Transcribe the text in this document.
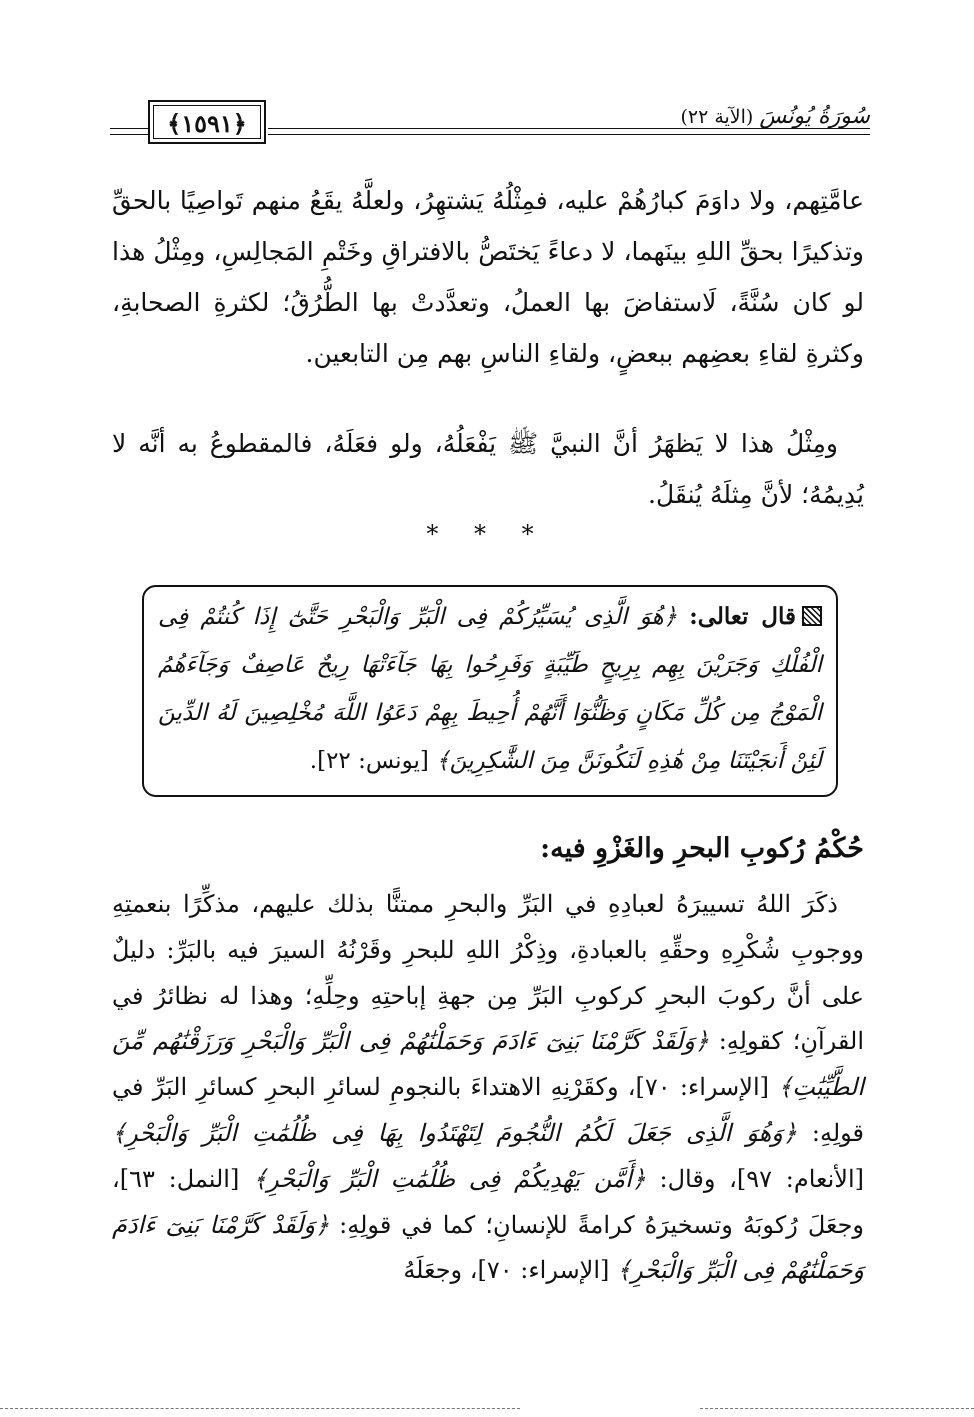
﴿١٥٩١﴾	سُورَةُ يُونُسَ (الآية ٢٢)
عامَّتِهم، ولا داوَمَ كبارُهُمْ عليه، فمِثْلُهُ يَشتهِرُ، ولعلَّهُ يقَعُ منهم تَواصِيًا بالحقِّ وتذكيرًا بحقِّ اللهِ بينَهما، لا دعاءً يَختَصُّ بالافتراقِ وخَتْمِ المَجالِسِ، ومِثْلُ هذا لو كان سُنَّةً، لَاستفاضَ بها العملُ، وتعدَّدتْ بها الطُّرُقُ؛ لكثرةِ الصحابةِ، وكثرةِ لقاءِ بعضِهم ببعضٍ، ولقاءِ الناسِ بهم مِن التابعين.
ومِثْلُ هذا لا يَظهَرُ أنَّ النبيَّ ﷺ يَفْعَلُهُ، ولو فعَلَهُ، فالمقطوعُ به أنَّه لا يُدِيمُهُ؛ لأنَّ مِثلَهُ يُنقَلُ.
* * *
قال تعالى: ﴿هُوَ الَّذِى يُسَيِّرُكُمْ فِى الْبَرِّ وَالْبَحْرِ حَتَّىٰٓ إِذَا كُنتُمْ فِى الْفُلْكِ وَجَرَيْنَ بِهِم بِرِيحٍ طَيِّبَةٍ وَفَرِحُوا بِهَا جَآءَتْهَا رِيحٌ عَاصِفٌ وَجَآءَهُمُ الْمَوْجُ مِن كُلِّ مَكَانٍ وَظَنُّوٓا أَنَّهُمْ أُحِيطَ بِهِمْ دَعَوُا اللَّهَ مُخْلِصِينَ لَهُ الدِّينَ لَئِنْ أَنجَيْتَنَا مِنْ هَٰذِهِ لَنَكُونَنَّ مِنَ الشَّٰكِرِينَ﴾ [يونس: ٢٢].
حُكْمُ رُكوبِ البحرِ والغَزْوِ فيه:
ذكَرَ اللهُ تسييرَهُ لعبادِهِ في البَرِّ والبحرِ ممتنًّا بذلك عليهم، مذكِّرًا بنعمتِهِ ووجوبِ شُكْرِهِ وحقِّهِ بالعبادةِ، وذِكْرُ اللهِ للبحرِ وقَرْنُهُ السيرَ فيه بالبَرِّ: دليلٌ على أنَّ ركوبَ البحرِ كركوبِ البَرِّ مِن جهةِ إباحتِهِ وحِلِّهِ؛ وهذا له نظائرُ في القرآنِ؛ كقولِهِ: ﴿وَلَقَدْ كَرَّمْنَا بَنِىٓ ءَادَمَ وَحَمَلْنَٰهُمْ فِى الْبَرِّ وَالْبَحْرِ وَرَزَقْنَٰهُم مِّنَ الطَّيِّبَٰتِ﴾ [الإسراء: ٧٠]، وكقَرْنِهِ الاهتداءَ بالنجومِ لسائرِ البحرِ كسائرِ البَرِّ في قولِهِ: ﴿وَهُوَ الَّذِى جَعَلَ لَكُمُ النُّجُومَ لِتَهْتَدُوا بِهَا فِى ظُلُمَٰتِ الْبَرِّ وَالْبَحْرِ﴾ [الأنعام: ٩٧]، وقال: ﴿أَمَّن يَهْدِيكُمْ فِى ظُلُمَٰتِ الْبَرِّ وَالْبَحْرِ﴾ [النمل: ٦٣]، وجعَلَ رُكوبَهُ وتسخيرَهُ كرامةً للإنسانِ؛ كما في قولِهِ: ﴿وَلَقَدْ كَرَّمْنَا بَنِىٓ ءَادَمَ وَحَمَلْنَٰهُمْ فِى الْبَرِّ وَالْبَحْرِ﴾ [الإسراء: ٧٠]، وجعَلَهُ
